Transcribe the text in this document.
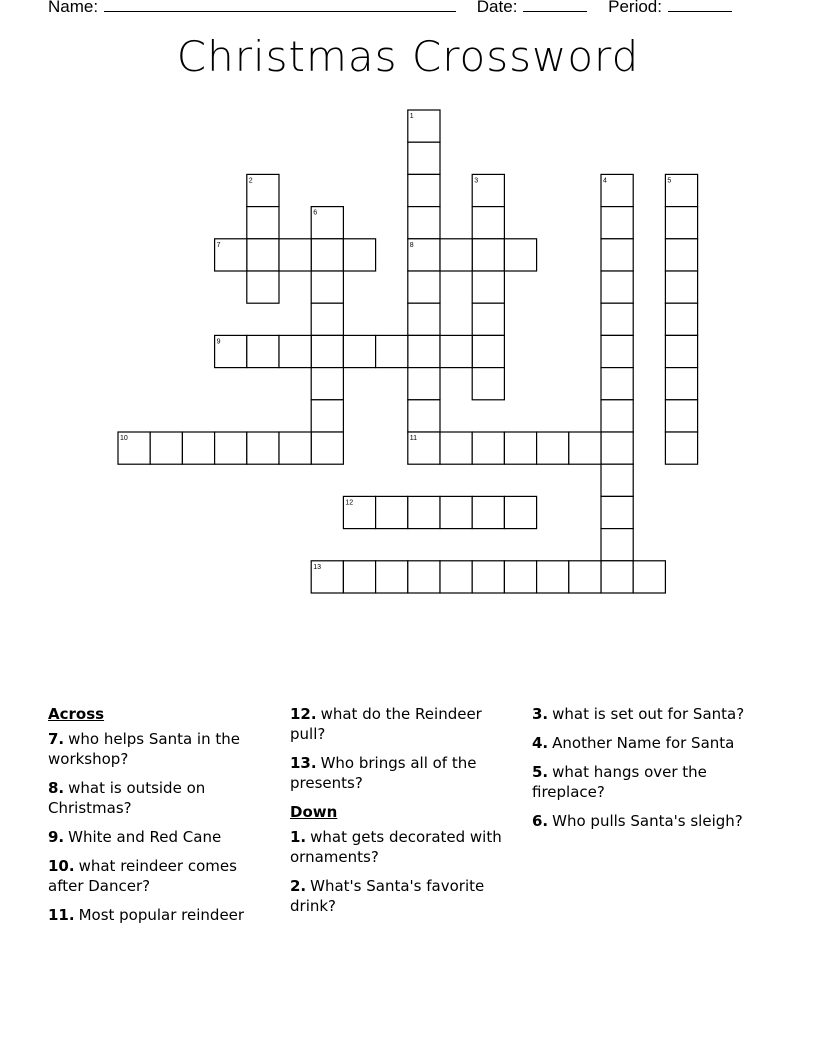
Name:	Date:	Period:
Christmas Crossword
1
8
11
2	3	4	5
6
7
9
10
12
13
Across
7. who helps Santa in the workshop?
8. what is outside on Christmas?
9. White and Red Cane
10. what reindeer comes after Dancer?
11. Most popular reindeer
12. what do the Reindeer pull?
13. Who brings all of the presents?
Down
1. what gets decorated with ornaments?
2. What's Santa's favorite drink?
3. what is set out for Santa?
4. Another Name for Santa
5. what hangs over the fireplace?
6. Who pulls Santa's sleigh?
